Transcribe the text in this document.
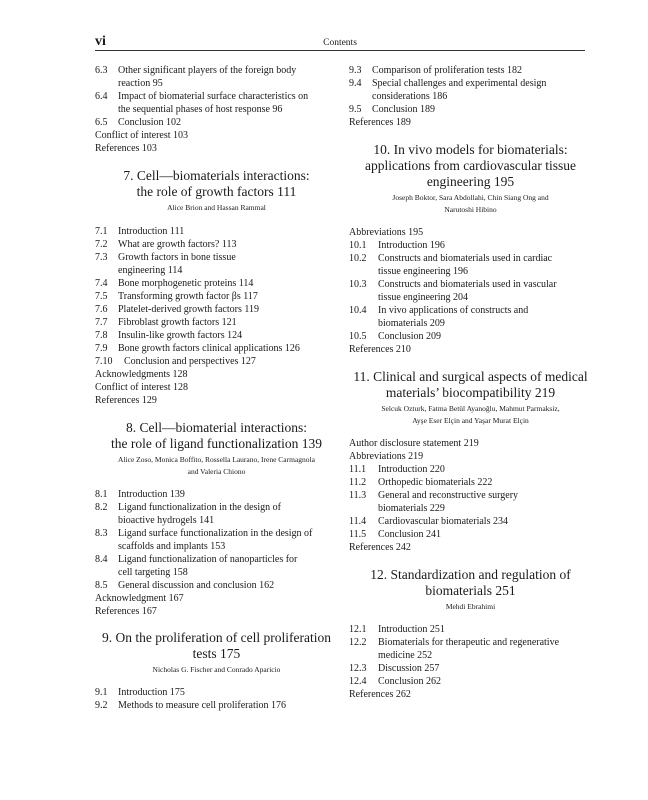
vi	Contents
6.3	Other significant players of the foreign body
reaction 95
6.4	Impact of biomaterial surface characteristics on
the sequential phases of host response 96
6.5	Conclusion 102
Conflict of interest 103
References 103
7. Cell—biomaterials interactions:
the role of growth factors 111
Alice Brion and Hassan Rammal
7.1	Introduction 111
7.2	What are growth factors? 113
7.3	Growth factors in bone tissue
engineering 114
7.4	Bone morphogenetic proteins 114
7.5	Transforming growth factor βs 117
7.6	Platelet-derived growth factors 119
7.7	Fibroblast growth factors 121
7.8	Insulin-like growth factors 124
7.9	Bone growth factors clinical applications 126
7.10	Conclusion and perspectives 127
Acknowledgments 128
Conflict of interest 128
References 129
8. Cell—biomaterial interactions:
the role of ligand functionalization 139
Alice Zoso, Monica Boffito, Rossella Laurano, Irene Carmagnola
and Valeria Chiono
8.1	Introduction 139
8.2	Ligand functionalization in the design of
bioactive hydrogels 141
8.3	Ligand surface functionalization in the design of
scaffolds and implants 153
8.4	Ligand functionalization of nanoparticles for
cell targeting 158
8.5	General discussion and conclusion 162
Acknowledgment 167
References 167
9. On the proliferation of cell proliferation
tests 175
Nicholas G. Fischer and Conrado Aparicio
9.1	Introduction 175
9.2	Methods to measure cell proliferation 176
9.3	Comparison of proliferation tests 182
9.4	Special challenges and experimental design
considerations 186
9.5	Conclusion 189
References 189
10. In vivo models for biomaterials:
applications from cardiovascular tissue
engineering 195
Joseph Boktor, Sara Abdollahi, Chin Siang Ong and
Narutoshi Hibino
Abbreviations 195
10.1	Introduction 196
10.2	Constructs and biomaterials used in cardiac
tissue engineering 196
10.3	Constructs and biomaterials used in vascular
tissue engineering 204
10.4	In vivo applications of constructs and
biomaterials 209
10.5	Conclusion 209
References 210
11. Clinical and surgical aspects of medical
materials’ biocompatibility 219
Selcuk Ozturk, Fatma Betül Ayanoğlu, Mahmut Parmaksiz,
Ayşe Eser Elçin and Yaşar Murat Elçin
Author disclosure statement 219
Abbreviations 219
11.1	Introduction 220
11.2	Orthopedic biomaterials 222
11.3	General and reconstructive surgery
biomaterials 229
11.4	Cardiovascular biomaterials 234
11.5	Conclusion 241
References 242
12. Standardization and regulation of
biomaterials 251
Mehdi Ebrahimi
12.1	Introduction 251
12.2	Biomaterials for therapeutic and regenerative
medicine 252
12.3	Discussion 257
12.4	Conclusion 262
References 262
